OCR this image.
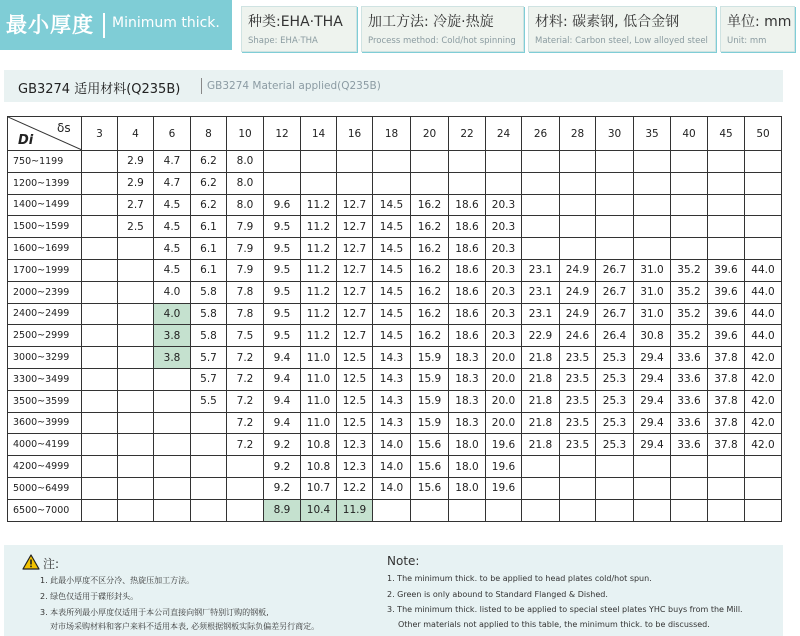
最小厚度 Minimum thick. 种类:EHA·THA
Shape: EHA·THA
加工方法: 冷旋·热旋
Process method: Cold/hot spinning
材料: 碳素钢, 低合金钢
Material: Carbon steel, Low alloyed steel
单位: mm
Unit: mm
GB3274 适用材料(Q235B)	GB3274 Material applied(Q235B)
Di
δs	3	4	6	8	10	12	14	16	18	20	22	24	26	28	30	35	40	45	50
750~1199		2.9	4.7	6.2	8.0														
1200~1399		2.9	4.7	6.2	8.0														
1400~1499		2.7	4.5	6.2	8.0	9.6	11.2	12.7	14.5	16.2	18.6	20.3							
1500~1599		2.5	4.5	6.1	7.9	9.5	11.2	12.7	14.5	16.2	18.6	20.3							
1600~1699			4.5	6.1	7.9	9.5	11.2	12.7	14.5	16.2	18.6	20.3							
1700~1999			4.5	6.1	7.9	9.5	11.2	12.7	14.5	16.2	18.6	20.3	23.1	24.9	26.7	31.0	35.2	39.6	44.0
2000~2399			4.0	5.8	7.8	9.5	11.2	12.7	14.5	16.2	18.6	20.3	23.1	24.9	26.7	31.0	35.2	39.6	44.0
2400~2499			4.0	5.8	7.8	9.5	11.2	12.7	14.5	16.2	18.6	20.3	23.1	24.9	26.7	31.0	35.2	39.6	44.0
2500~2999			3.8	5.8	7.5	9.5	11.2	12.7	14.5	16.2	18.6	20.3	22.9	24.6	26.4	30.8	35.2	39.6	44.0
3000~3299			3.8	5.7	7.2	9.4	11.0	12.5	14.3	15.9	18.3	20.0	21.8	23.5	25.3	29.4	33.6	37.8	42.0
3300~3499				5.7	7.2	9.4	11.0	12.5	14.3	15.9	18.3	20.0	21.8	23.5	25.3	29.4	33.6	37.8	42.0
3500~3599				5.5	7.2	9.4	11.0	12.5	14.3	15.9	18.3	20.0	21.8	23.5	25.3	29.4	33.6	37.8	42.0
3600~3999					7.2	9.4	11.0	12.5	14.3	15.9	18.3	20.0	21.8	23.5	25.3	29.4	33.6	37.8	42.0
4000~4199					7.2	9.2	10.8	12.3	14.0	15.6	18.0	19.6	21.8	23.5	25.3	29.4	33.6	37.8	42.0
4200~4999						9.2	10.8	12.3	14.0	15.6	18.0	19.6							
5000~6499						9.2	10.7	12.2	14.0	15.6	18.0	19.6							
6500~7000						8.9	10.4	11.9											
注:
1. 此最小厚度不区分冷、热旋压加工方法。
2. 绿色仅适用于碟形封头。
3. 本表所列最小厚度仅适用于本公司直接向钢厂特别订购的钢板,
对市场采购材料和客户来料不适用本表, 必须根据钢板实际负偏差另行商定。
Note:
1. The minimum thick. to be applied to head plates cold/hot spun.
2. Green is only abound to Standard Flanged & Dished.
3. The minimum thick. listed to be applied to special steel plates YHC buys from the Mill.
Other materials not applied to this table, the minimum thick. to be discussed.
